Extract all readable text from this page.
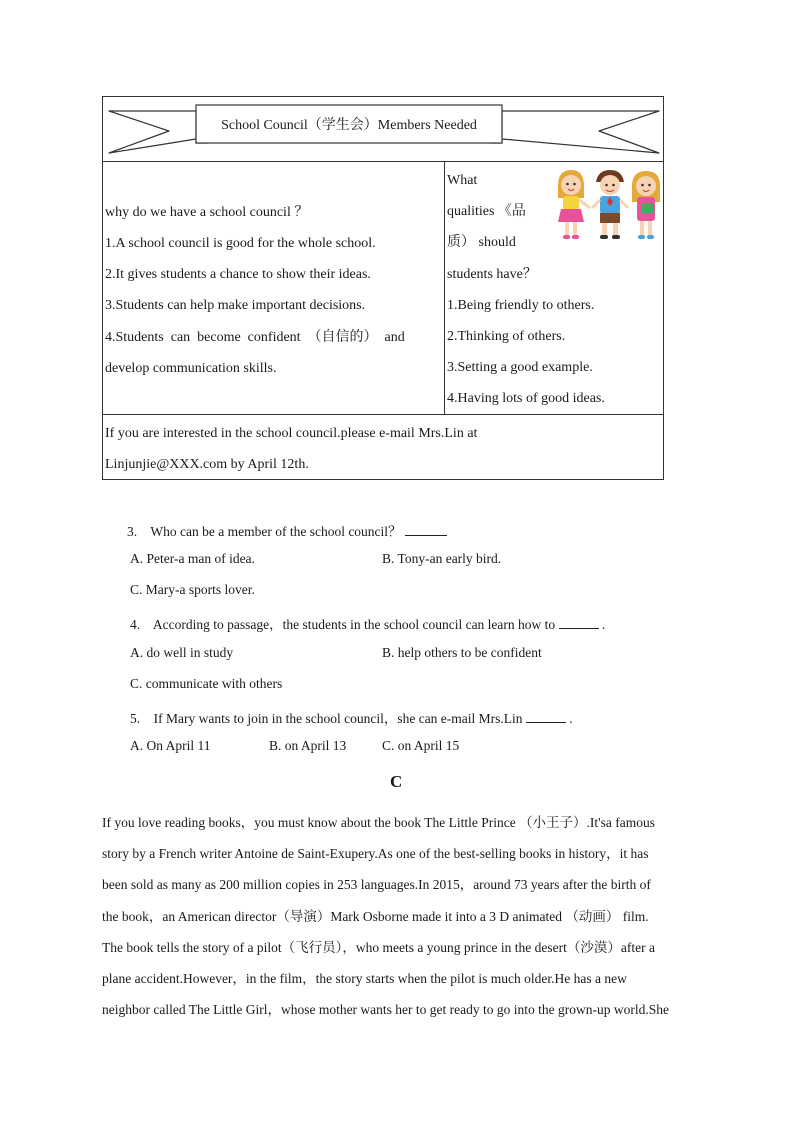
School Council（学生会）Members Needed
why do we have a school council ？
1.A school council is good for the whole school.
2.It gives students a chance to show their ideas.
3.Students can help make important decisions.
4.Students  can  become  confident  （自信的）  and
develop communication skills.
What
qualities 《品
质） should
students have？
1.Being friendly to others.
2.Thinking of others.
3.Setting a good example.
4.Having lots of good ideas.
If you are interested in the school council.please e-mail Mrs.Lin at
Linjunjie@XXX.com by April 12th.
3. Who can be a member of the school council？
A. Peter-a man of idea.	B. Tony-an early bird.
C. Mary-a sports lover.
4. According to passage，the students in the school council can learn how to	.
A. do well in study	B. help others to be confident
C. communicate with others
5. If Mary wants to join in the school council，she can e-mail Mrs.Lin	.
A. On April 11	B. on April 13	C. on April 15
C
If you love reading books，you must know about the book The Little Prince （小王子）.It'sa famous
story by a French writer Antoine de Saint-Exupery.As one of the best-selling books in history，it has
been sold as many as 200 million copies in 253 languages.In 2015，around 73 years after the birth of
the book，an American director（导演）Mark Osborne made it into a 3 D animated （动画） film.
The book tells the story of a pilot（飞行员），who meets a young prince in the desert（沙漠）after a
plane accident.However，in the film，the story starts when the pilot is much older.He has a new
neighbor called The Little Girl，whose mother wants her to get ready to go into the grown-up world.She
